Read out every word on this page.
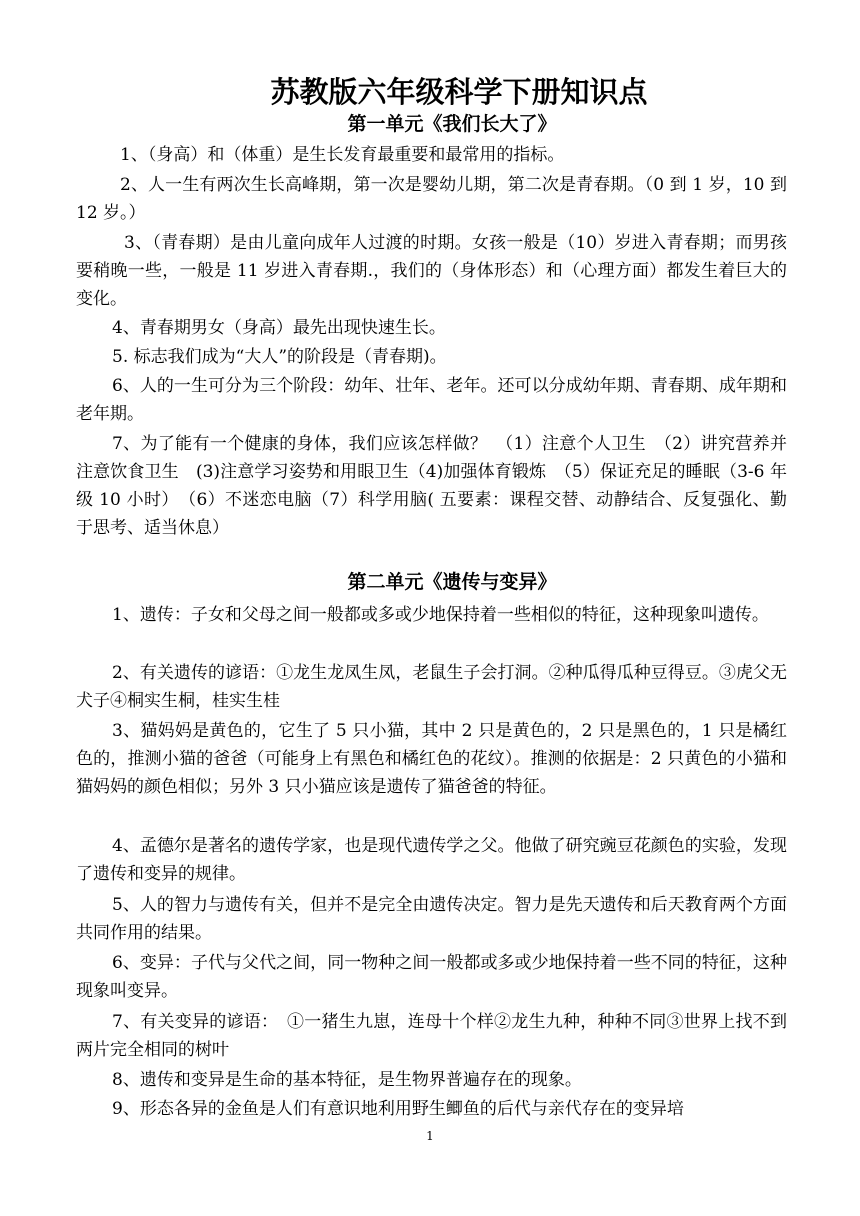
苏教版六年级科学下册知识点
第一单元《我们长大了》
1、（身高）和（体重）是生长发育最重要和最常用的指标。
2、人一生有两次生长高峰期，第一次是婴幼儿期，第二次是青春期。（0 到 1 岁，10 到 12 岁。）
3、（青春期）是由儿童向成年人过渡的时期。女孩一般是（10）岁进入青春期；而男孩要稍晚一些，一般是 11 岁进入青春期.，我们的（身体形态）和（心理方面）都发生着巨大的变化。
4、青春期男女（身高）最先出现快速生长。
5. 标志我们成为“大人”的阶段是（青春期)。
6、人的一生可分为三个阶段：幼年、壮年、老年。还可以分成幼年期、青春期、成年期和老年期。
7、为了能有一个健康的身体，我们应该怎样做？　（1）注意个人卫生　（2）讲究营养并注意饮食卫生　(3)注意学习姿势和用眼卫生（4)加强体育锻炼　（5）保证充足的睡眠（3-6 年级 10 小时）　（6）不迷恋电脑（7）科学用脑( 五要素：课程交替、动静结合、反复强化、勤于思考、适当休息）
第二单元《遗传与变异》
1、遗传：子女和父母之间一般都或多或少地保持着一些相似的特征，这种现象叫遗传。
2、有关遗传的谚语：①龙生龙凤生凤，老鼠生子会打洞。②种瓜得瓜种豆得豆。③虎父无犬子④桐实生桐，桂实生桂
3、猫妈妈是黄色的，它生了 5 只小猫，其中 2 只是黄色的，2 只是黑色的，1 只是橘红色的，推测小猫的爸爸（可能身上有黑色和橘红色的花纹）。推测的依据是：2 只黄色的小猫和猫妈妈的颜色相似；另外 3 只小猫应该是遗传了猫爸爸的特征。
4、孟德尔是著名的遗传学家，也是现代遗传学之父。他做了研究豌豆花颜色的实验，发现了遗传和变异的规律。
5、人的智力与遗传有关，但并不是完全由遗传决定。智力是先天遗传和后天教育两个方面共同作用的结果。
6、变异：子代与父代之间，同一物种之间一般都或多或少地保持着一些不同的特征，这种现象叫变异。
7、有关变异的谚语：　①一猪生九崽，连母十个样②龙生九种，种种不同③世界上找不到两片完全相同的树叶
8、遗传和变异是生命的基本特征，是生物界普遍存在的现象。
9、形态各异的金鱼是人们有意识地利用野生鲫鱼的后代与亲代存在的变异培
1
